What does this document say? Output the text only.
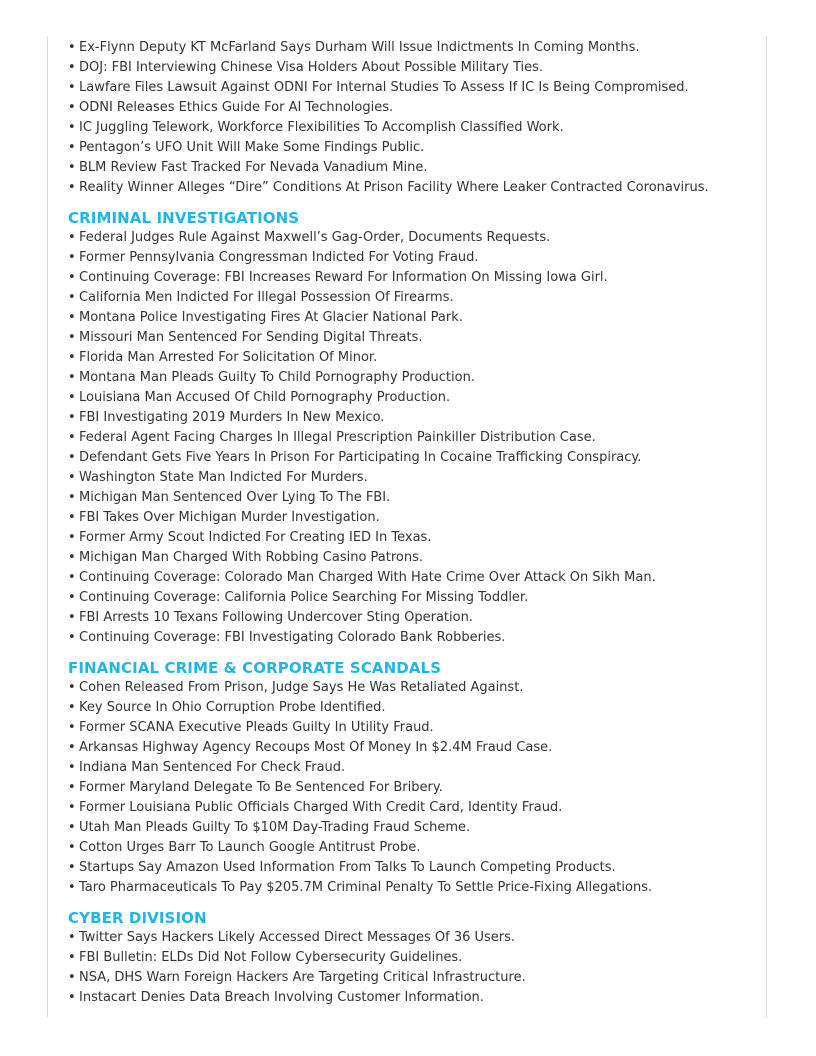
• Ex-Flynn Deputy KT McFarland Says Durham Will Issue Indictments In Coming Months.
• DOJ: FBI Interviewing Chinese Visa Holders About Possible Military Ties.
• Lawfare Files Lawsuit Against ODNI For Internal Studies To Assess If IC Is Being Compromised.
• ODNI Releases Ethics Guide For AI Technologies.
• IC Juggling Telework, Workforce Flexibilities To Accomplish Classified Work.
• Pentagon’s UFO Unit Will Make Some Findings Public.
• BLM Review Fast Tracked For Nevada Vanadium Mine.
• Reality Winner Alleges “Dire” Conditions At Prison Facility Where Leaker Contracted Coronavirus.
CRIMINAL INVESTIGATIONS
• Federal Judges Rule Against Maxwell’s Gag-Order, Documents Requests.
• Former Pennsylvania Congressman Indicted For Voting Fraud.
• Continuing Coverage: FBI Increases Reward For Information On Missing Iowa Girl.
• California Men Indicted For Illegal Possession Of Firearms.
• Montana Police Investigating Fires At Glacier National Park.
• Missouri Man Sentenced For Sending Digital Threats.
• Florida Man Arrested For Solicitation Of Minor.
• Montana Man Pleads Guilty To Child Pornography Production.
• Louisiana Man Accused Of Child Pornography Production.
• FBI Investigating 2019 Murders In New Mexico.
• Federal Agent Facing Charges In Illegal Prescription Painkiller Distribution Case.
• Defendant Gets Five Years In Prison For Participating In Cocaine Trafficking Conspiracy.
• Washington State Man Indicted For Murders.
• Michigan Man Sentenced Over Lying To The FBI.
• FBI Takes Over Michigan Murder Investigation.
• Former Army Scout Indicted For Creating IED In Texas.
• Michigan Man Charged With Robbing Casino Patrons.
• Continuing Coverage: Colorado Man Charged With Hate Crime Over Attack On Sikh Man.
• Continuing Coverage: California Police Searching For Missing Toddler.
• FBI Arrests 10 Texans Following Undercover Sting Operation.
• Continuing Coverage: FBI Investigating Colorado Bank Robberies.
FINANCIAL CRIME & CORPORATE SCANDALS
• Cohen Released From Prison, Judge Says He Was Retaliated Against.
• Key Source In Ohio Corruption Probe Identified.
• Former SCANA Executive Pleads Guilty In Utility Fraud.
• Arkansas Highway Agency Recoups Most Of Money In $2.4M Fraud Case.
• Indiana Man Sentenced For Check Fraud.
• Former Maryland Delegate To Be Sentenced For Bribery.
• Former Louisiana Public Officials Charged With Credit Card, Identity Fraud.
• Utah Man Pleads Guilty To $10M Day-Trading Fraud Scheme.
• Cotton Urges Barr To Launch Google Antitrust Probe.
• Startups Say Amazon Used Information From Talks To Launch Competing Products.
• Taro Pharmaceuticals To Pay $205.7M Criminal Penalty To Settle Price-Fixing Allegations.
CYBER DIVISION
• Twitter Says Hackers Likely Accessed Direct Messages Of 36 Users.
• FBI Bulletin: ELDs Did Not Follow Cybersecurity Guidelines.
• NSA, DHS Warn Foreign Hackers Are Targeting Critical Infrastructure.
• Instacart Denies Data Breach Involving Customer Information.
